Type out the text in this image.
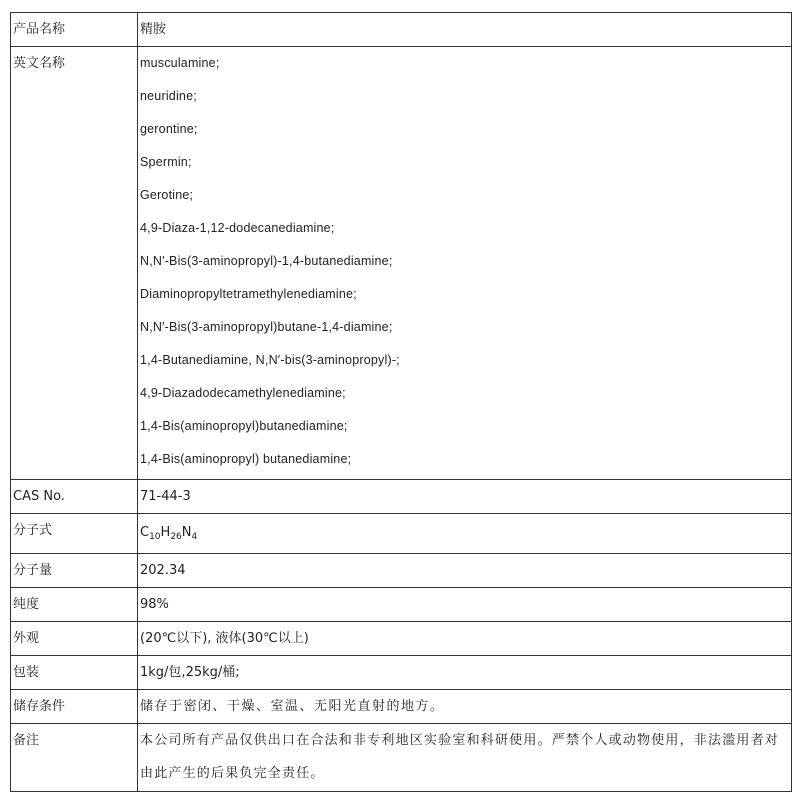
产品名称	精胺
英文名称	musculamine;
neuridine;
gerontine;
Spermin;
Gerotine;
4,9-Diaza-1,12-dodecanediamine;
N,N′-Bis(3-aminopropyl)-1,4-butanediamine;
Diaminopropyltetramethylenediamine;
N,N′-Bis(3-aminopropyl)butane-1,4-diamine;
1,4-Butanediamine, N,N′-bis(3-aminopropyl)-;
4,9-Diazadodecamethylenediamine;
1,4-Bis(aminopropyl)butanediamine;
1,4-Bis(aminopropyl) butanediamine;

CAS No.	71-44-3
分子式	$C_{10}H_{26}N_4$
分子量	202.34
纯度	98%
外观	(20℃以下), 液体(30℃以上)
包装	1kg/包,25kg/桶;
储存条件	储存于密闭、干燥、室温、无阳光直射的地方。
备注	本公司所有产品仅供出口在合法和非专利地区实验室和科研使用。严禁个人或动物使用，非法滥用者对由此产生的后果负完全责任。
